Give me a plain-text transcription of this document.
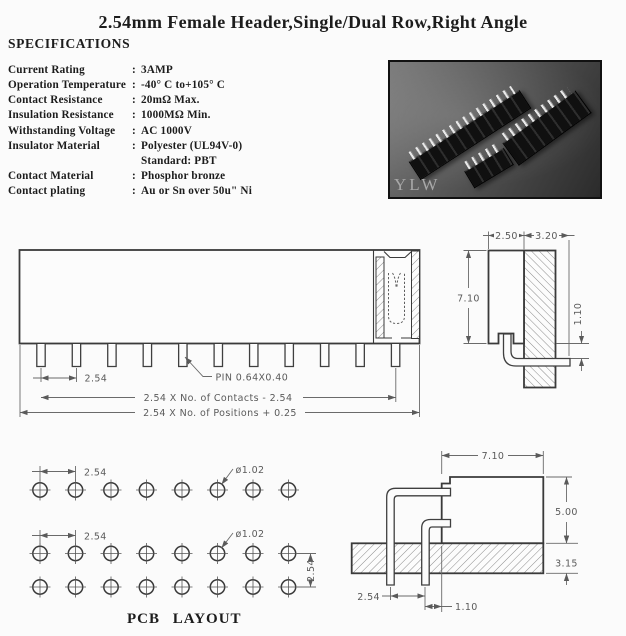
2.54mm Female Header,Single/Dual Row,Right Angle
SPECIFICATIONS
Current Rating	: 3AMP
Operation Temperature : -40° C to+105° C
Contact Resistance	: 20mΩ Max.
Insulation Resistance	: 1000MΩ Min.
Withstanding Voltage	: AC 1000V
Insulator Material	: Polyester (UL94V-0)
Standard: PBT
Contact Material	: Phosphor bronze
Contact plating	: Au or Sn over 50u" Ni	YLW
2.54	PIN 0.64X0.40
2.54 X No. of Contacts - 2.54
2.54 X No. of Positions + 0.25
2.50 3.20
7.10
1.10
2.54	ø1.02
2.54	ø1.02
2.54
PCB LAYOUT
7.10
5.00
3.15
2.54
1.10
